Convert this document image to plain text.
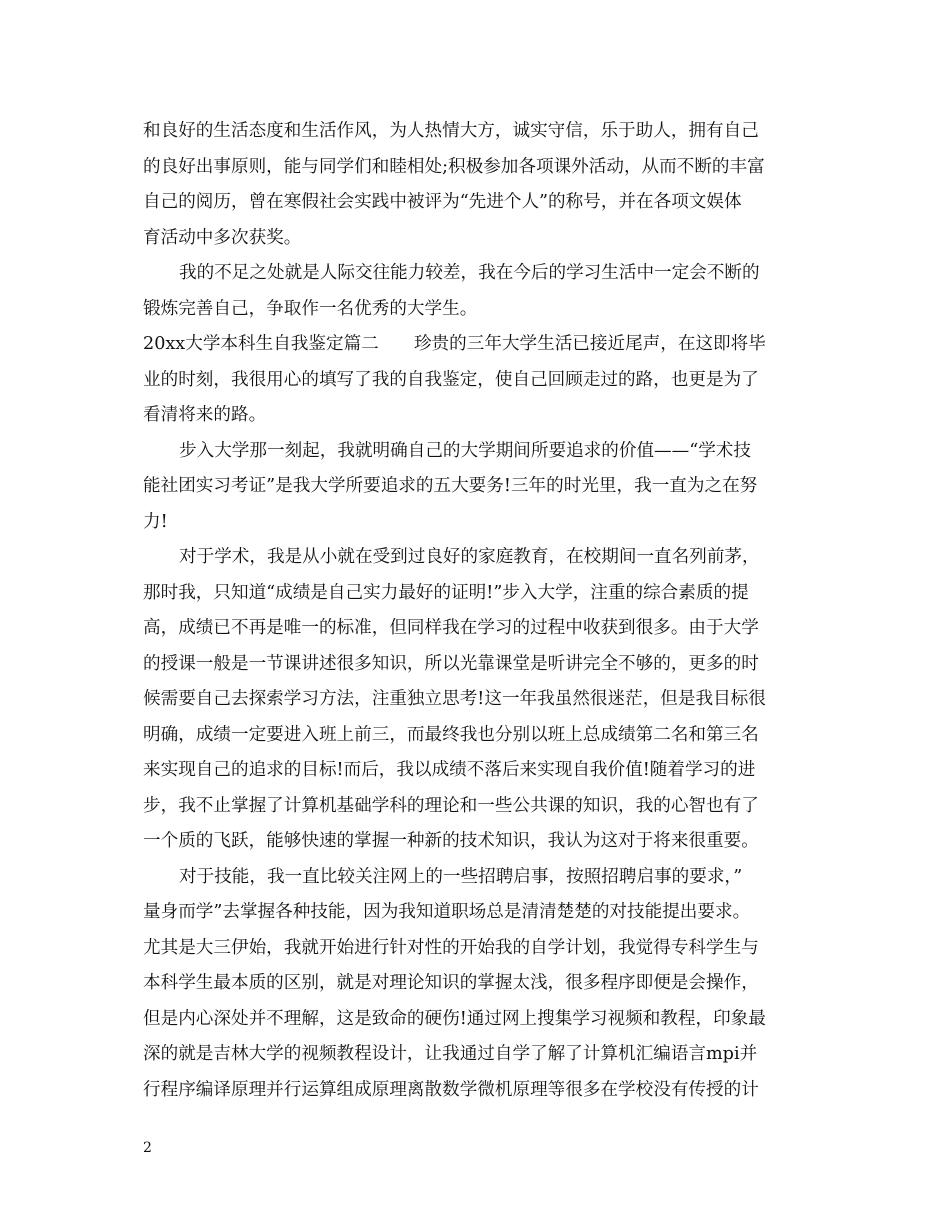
和良好的生活态度和生活作风，为人热情大方，诚实守信，乐于助人，拥有自己
的良好出事原则，能与同学们和睦相处;积极参加各项课外活动，从而不断的丰富
自己的阅历，曾在寒假社会实践中被评为“先进个人”的称号，并在各项文娱体
育活动中多次获奖。
我的不足之处就是人际交往能力较差，我在今后的学习生活中一定会不断的
锻炼完善自己，争取作一名优秀的大学生。
20xx大学本科生自我鉴定篇二　　珍贵的三年大学生活已接近尾声，在这即将毕
业的时刻，我很用心的填写了我的自我鉴定，使自己回顾走过的路，也更是为了
看清将来的路。
步入大学那一刻起，我就明确自己的大学期间所要追求的价值——“学术技
能社团实习考证”是我大学所要追求的五大要务!三年的时光里，我一直为之在努
力!
对于学术，我是从小就在受到过良好的家庭教育，在校期间一直名列前茅，
那时我，只知道“成绩是自己实力最好的证明!”步入大学，注重的综合素质的提
高，成绩已不再是唯一的标准，但同样我在学习的过程中收获到很多。由于大学
的授课一般是一节课讲述很多知识，所以光靠课堂是听讲完全不够的，更多的时
候需要自己去探索学习方法，注重独立思考!这一年我虽然很迷茫，但是我目标很
明确，成绩一定要进入班上前三，而最终我也分别以班上总成绩第二名和第三名
来实现自己的追求的目标!而后，我以成绩不落后来实现自我价值!随着学习的进
步，我不止掌握了计算机基础学科的理论和一些公共课的知识，我的心智也有了
一个质的飞跃，能够快速的掌握一种新的技术知识，我认为这对于将来很重要。
对于技能，我一直比较关注网上的一些招聘启事，按照招聘启事的要求，”
量身而学”去掌握各种技能，因为我知道职场总是清清楚楚的对技能提出要求。
尤其是大三伊始，我就开始进行针对性的开始我的自学计划，我觉得专科学生与
本科学生最本质的区别，就是对理论知识的掌握太浅，很多程序即便是会操作，
但是内心深处并不理解，这是致命的硬伤!通过网上搜集学习视频和教程，印象最
深的就是吉林大学的视频教程设计，让我通过自学了解了计算机汇编语言mpi并
行程序编译原理并行运算组成原理离散数学微机原理等很多在学校没有传授的计
2
